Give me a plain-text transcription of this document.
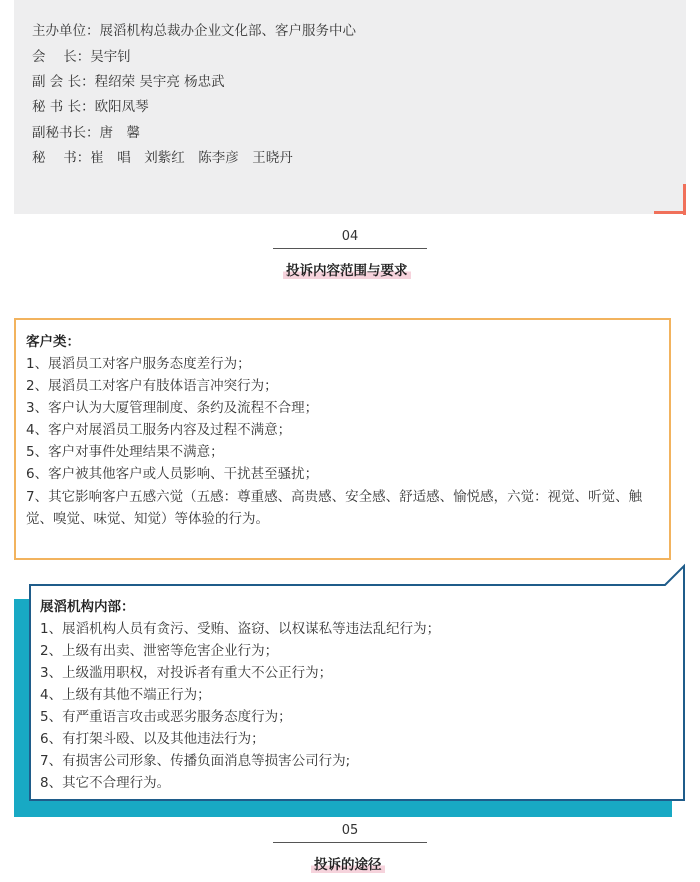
主办单位：展滔机构总裁办企业文化部、客户服务中心
会　 长：吴宇钊
副 会 长：程绍荣 吴宇亮 杨忠武
秘 书 长：欧阳凤琴
副秘书长：唐　馨
秘　 书：崔　唱　刘紫红　陈李彦　王晓丹
04
投诉内容范围与要求
客户类：
1、展滔员工对客户服务态度差行为；
2、展滔员工对客户有肢体语言冲突行为；
3、客户认为大厦管理制度、条约及流程不合理；
4、客户对展滔员工服务内容及过程不满意；
5、客户对事件处理结果不满意；
6、客户被其他客户或人员影响、干扰甚至骚扰；
7、其它影响客户五感六觉（五感：尊重感、高贵感、安全感、舒适感、愉悦感，六觉：视觉、听觉、触
觉、嗅觉、味觉、知觉）等体验的行为。
展滔机构内部：
1、展滔机构人员有贪污、受贿、盗窃、以权谋私等违法乱纪行为；
2、上级有出卖、泄密等危害企业行为；
3、上级滥用职权，对投诉者有重大不公正行为；
4、上级有其他不端正行为；
5、有严重语言攻击或恶劣服务态度行为；
6、有打架斗殴、以及其他违法行为；
7、有损害公司形象、传播负面消息等损害公司行为;
8、其它不合理行为。
05
投诉的途径
